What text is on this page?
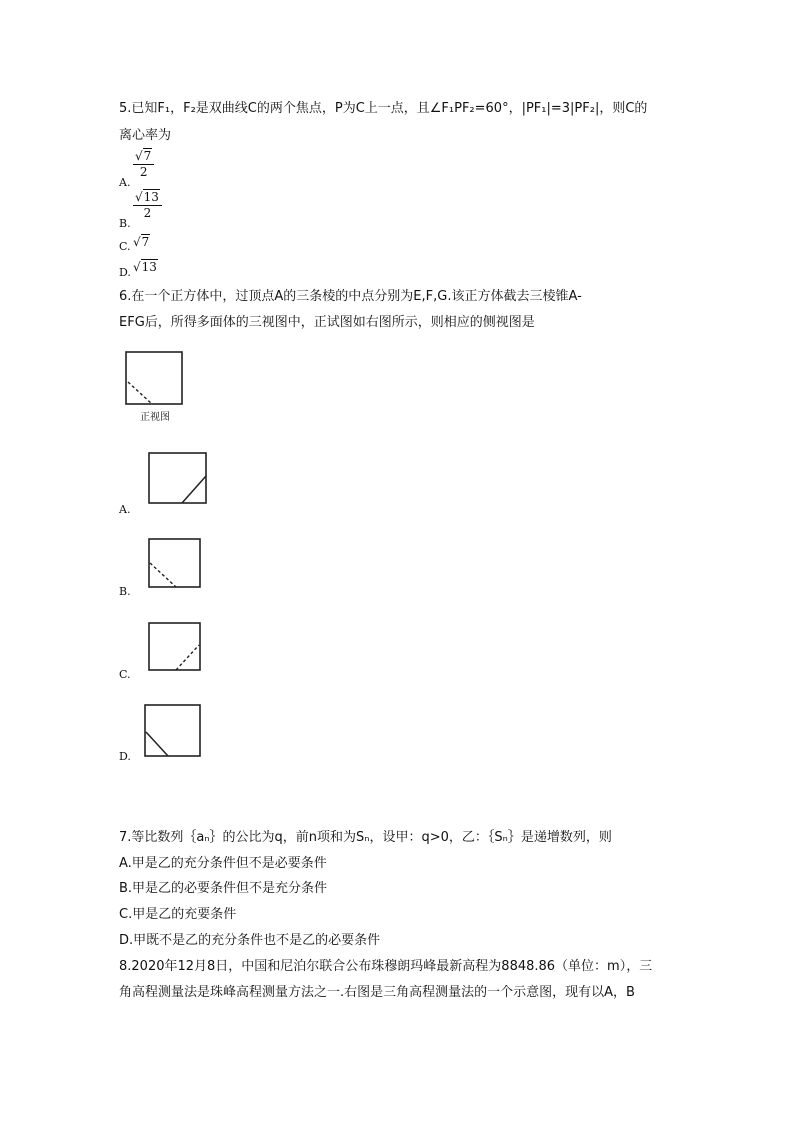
5.已知F₁，F₂是双曲线C的两个焦点，P为C上一点，且∠F₁PF₂=60°，|PF₁|=3|PF₂|，则C的
离心率为
A.
$\frac{√7}{2}$
B.
$\frac{√13}{2}$
C. √7
D. √13
6.在一个正方体中，过顶点A的三条棱的中点分别为E,F,G.该正方体截去三棱锥A-
EFG后，所得多面体的三视图中，正试图如右图所示，则相应的侧视图是
正视图
A.
B.
C.
D.
7.等比数列｛aₙ｝的公比为q，前n项和为Sₙ，设甲：q>0，乙：｛Sₙ｝是递增数列，则
A.甲是乙的充分条件但不是必要条件
B.甲是乙的必要条件但不是充分条件
C.甲是乙的充要条件
D.甲既不是乙的充分条件也不是乙的必要条件
8.2020年12月8日，中国和尼泊尔联合公布珠穆朗玛峰最新高程为8848.86（单位：m），三
角高程测量法是珠峰高程测量方法之一.右图是三角高程测量法的一个示意图，现有以A，B
